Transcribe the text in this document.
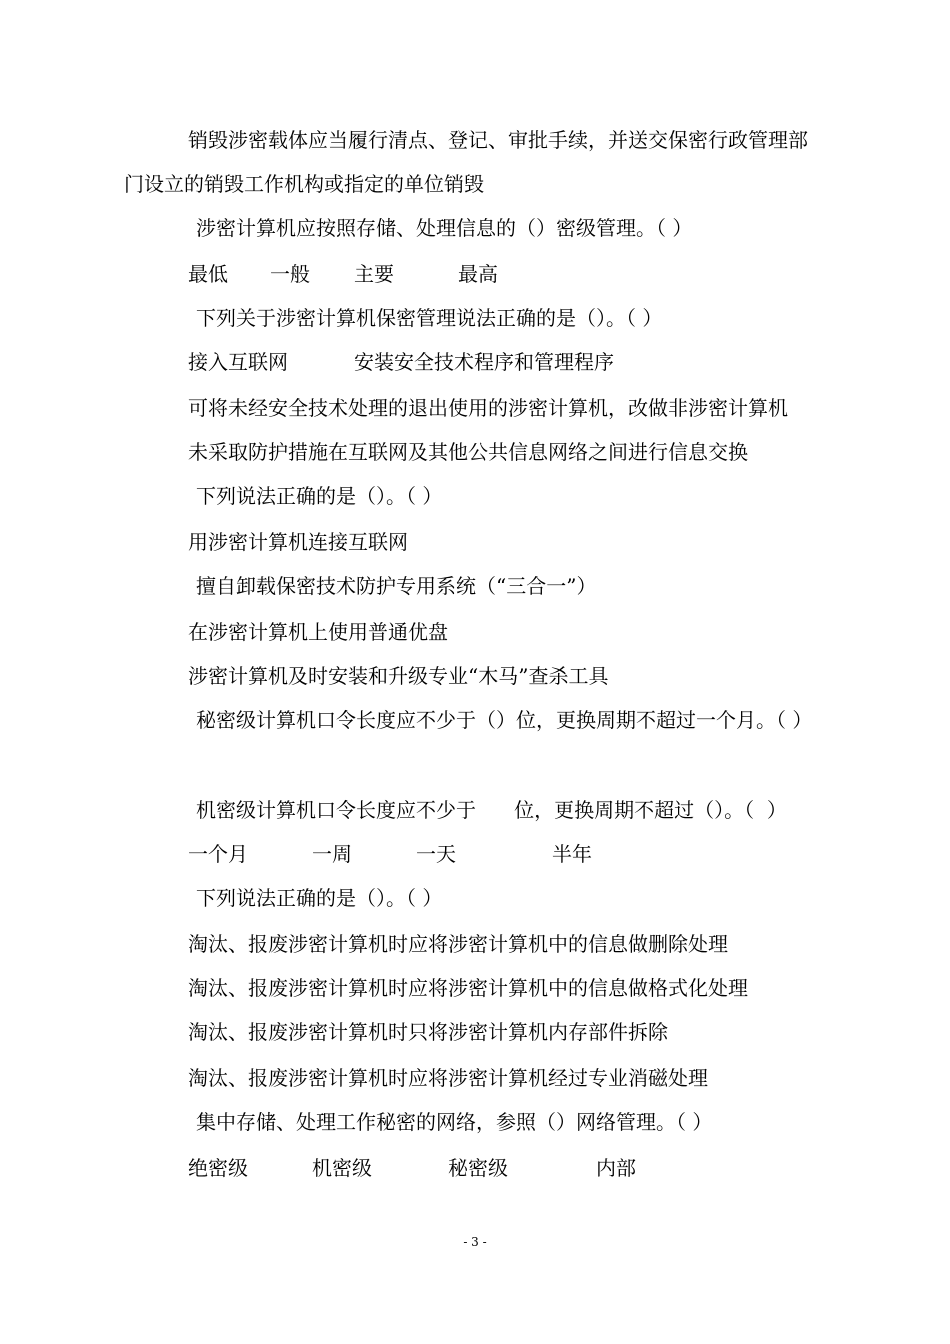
销毁涉密载体应当履行清点、登记、审批手续，并送交保密行政管理部
门设立的销毁工作机构或指定的单位销毁
涉密计算机应按照存储、处理信息的（）密级管理。（ ）
最低 一般 主要	最高
下列关于涉密计算机保密管理说法正确的是（）。（ ）
接入互联网	安装安全技术程序和管理程序
可将未经安全技术处理的退出使用的涉密计算机，改做非涉密计算机
未采取防护措施在互联网及其他公共信息网络之间进行信息交换
下列说法正确的是（）。（ ）
用涉密计算机连接互联网
擅自卸载保密技术防护专用系统（“三合一”）
在涉密计算机上使用普通优盘
涉密计算机及时安装和升级专业“木马”查杀工具
秘密级计算机口令长度应不少于（）位，更换周期不超过一个月。（ ）
机密级计算机口令长度应不少于      位，更换周期不超过（）。（  ）
一个月	一周	一天	半年
下列说法正确的是（）。（ ）
淘汰、报废涉密计算机时应将涉密计算机中的信息做删除处理
淘汰、报废涉密计算机时应将涉密计算机中的信息做格式化处理
淘汰、报废涉密计算机时只将涉密计算机内存部件拆除
淘汰、报废涉密计算机时应将涉密计算机经过专业消磁处理
集中存储、处理工作秘密的网络，参照（）网络管理。（ ）
绝密级	机密级	秘密级	内部
- 3 -
